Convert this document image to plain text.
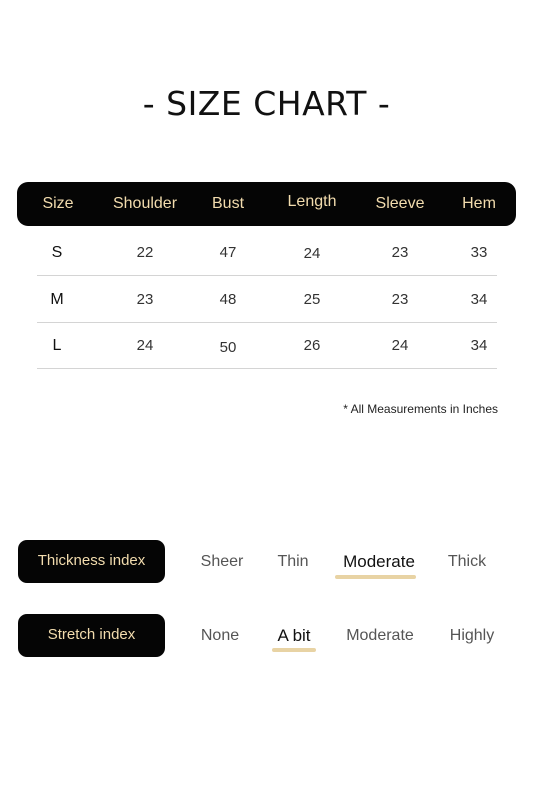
- SIZE CHART -
Size Shoulder Bust	Length Sleeve Hem
S	22	47	24	23	33
M	23	48	25	23	34
L	24	50	26	24	34
* All Measurements in Inches
Thickness index	Sheer Thin Moderate Thick
Stretch index	None A bit Moderate Highly
